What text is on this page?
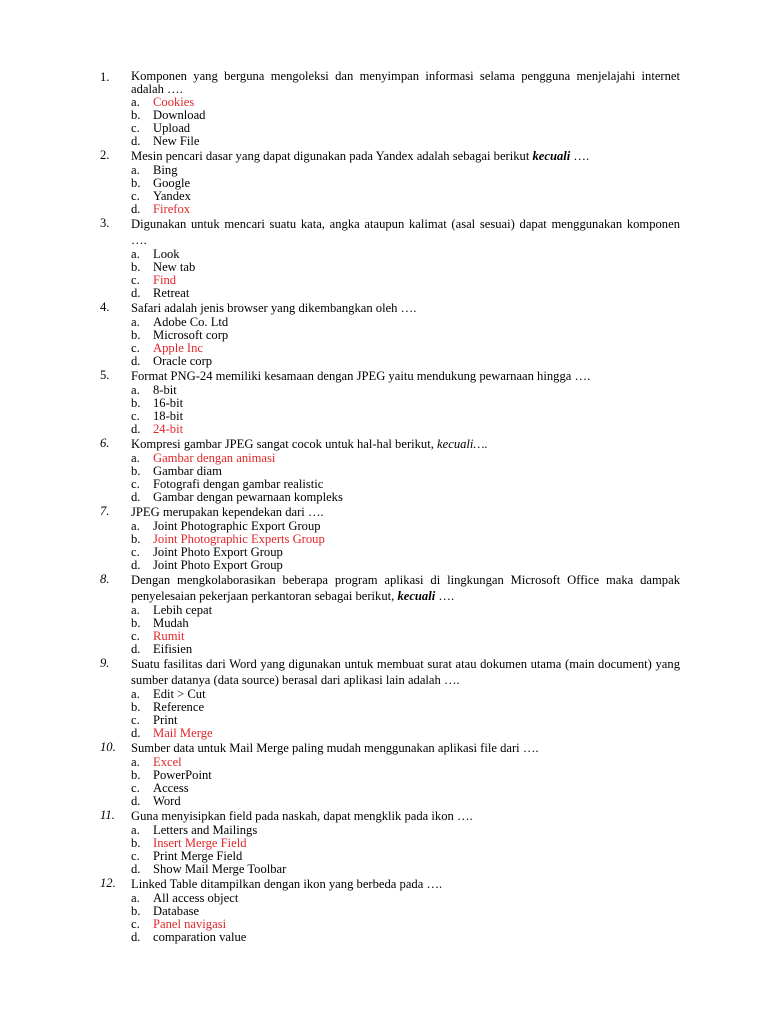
1.	Komponen yang berguna mengoleksi dan menyimpan informasi selama pengguna menjelajahi internet adalah ….
a.	Cookies
b. Download
c.	Upload
d. New File
2.	Mesin pencari dasar yang dapat digunakan pada Yandex adalah sebagai berikut kecuali ….
a.	Bing
b. Google
c.	Yandex
d. Firefox
3.	Digunakan untuk mencari suatu kata, angka ataupun kalimat (asal sesuai) dapat menggunakan komponen ….
a.	Look
b. New tab
c.	Find
d. Retreat
4.	Safari adalah jenis browser yang dikembangkan oleh ….
a.	Adobe Co. Ltd
b. Microsoft corp
c.	Apple Inc
d. Oracle corp
5.	Format PNG-24 memiliki kesamaan dengan JPEG yaitu mendukung pewarnaan hingga ….
a.	8-bit
b. 16-bit
c.	18-bit
d. 24-bit
6.	Kompresi gambar JPEG sangat cocok untuk hal-hal berikut, kecuali….
a.	Gambar dengan animasi
b. Gambar diam
c.	Fotografi dengan gambar realistic
d. Gambar dengan pewarnaan kompleks
7.	JPEG merupakan kependekan dari ….
a.	Joint Photographic Export Group
b. Joint Photographic Experts Group
c.	Joint Photo Export Group
d. Joint Photo Export Group
8.	Dengan mengkolaborasikan beberapa program aplikasi di lingkungan Microsoft Office maka dampak penyelesaian pekerjaan perkantoran sebagai berikut, kecuali ….
a.	Lebih cepat
b. Mudah
c.	Rumit
d. Eifisien
9.	Suatu fasilitas dari Word yang digunakan untuk membuat surat atau dokumen utama (main document) yang sumber datanya (data source) berasal dari aplikasi lain adalah ….
a.	Edit > Cut
b. Reference
c.	Print
d. Mail Merge
10.	Sumber data untuk Mail Merge paling mudah menggunakan aplikasi file dari ….
a.	Excel
b. PowerPoint
c.	Access
d. Word
11.	Guna menyisipkan field pada naskah, dapat mengklik pada ikon ….
a.	Letters and Mailings
b. Insert Merge Field
c.	Print Merge Field
d. Show Mail Merge Toolbar
12.	Linked Table ditampilkan dengan ikon yang berbeda pada ….
a.	All access object
b. Database
c.	Panel navigasi
d. comparation value
